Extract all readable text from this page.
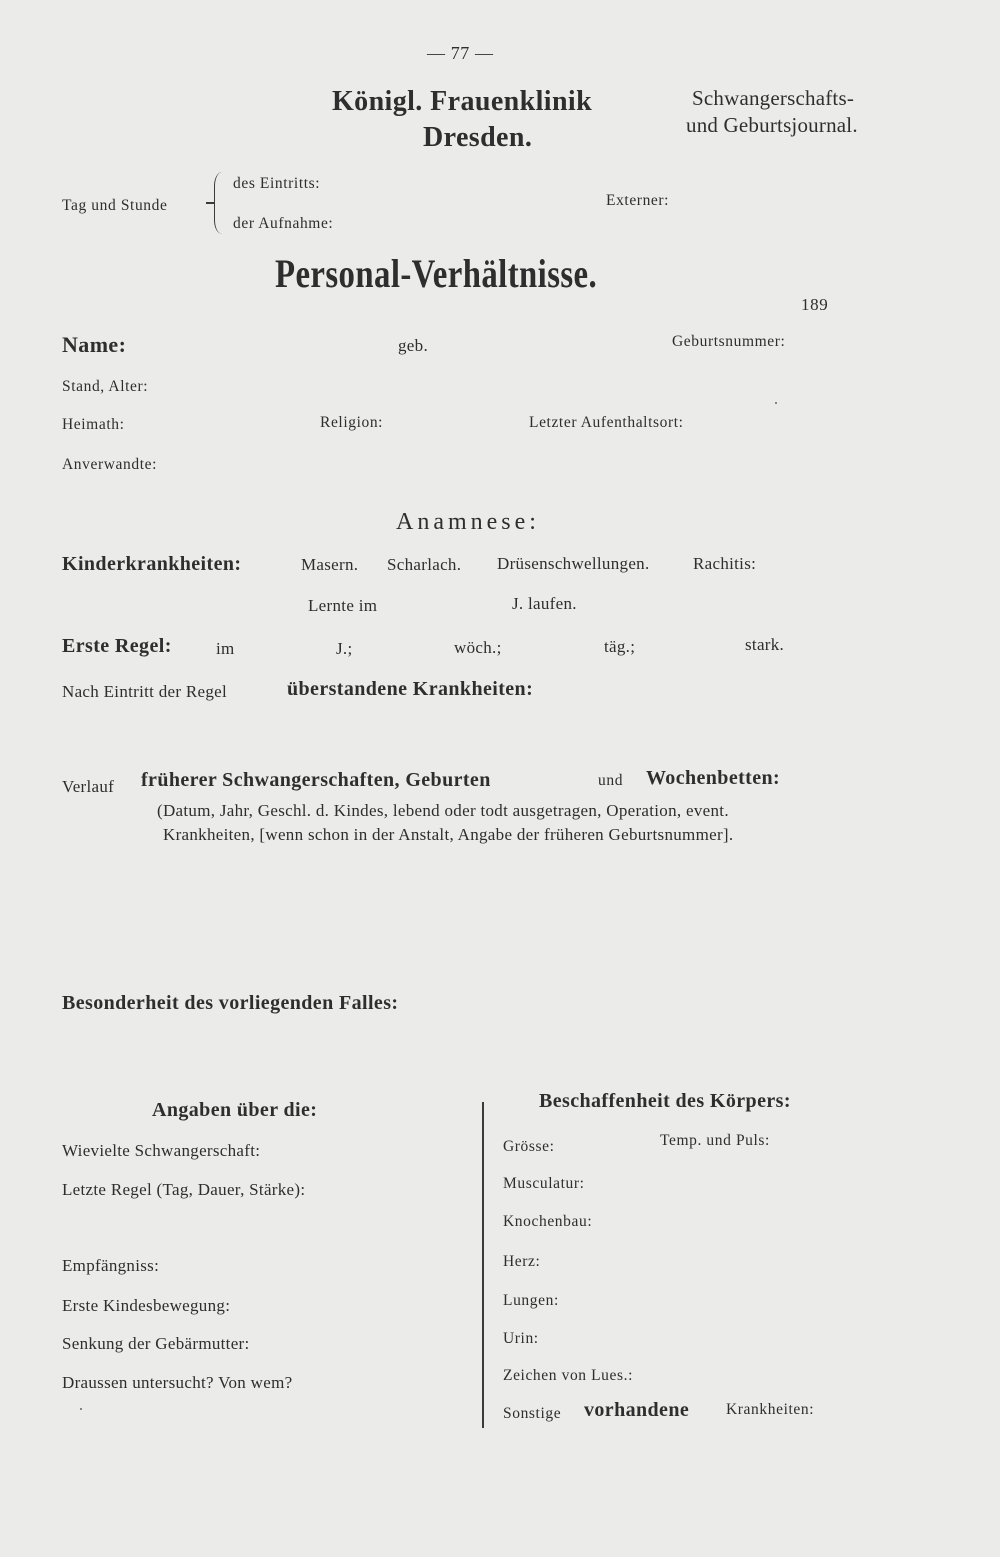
— 77 —
Königl. Frauenklinik
Dresden.
Schwangerschafts-
und Geburtsjournal.
Tag und Stunde
des Eintritts:
der Aufnahme:
Externer:
Personal-Verhältnisse.
189
Name:	geb.	Geburtsnummer:
Stand, Alter:
Heimath:	Religion:	Letzter Aufenthaltsort:
Anverwandte:
Anamnese:
Kinderkrankheiten:	Masern. Scharlach. Drüsenschwellungen.	Rachitis:
Lernte im	J. laufen.
Erste Regel:	im	J.;	wöch.;	täg.;	stark.
Nach Eintritt der Regel	überstandene Krankheiten:
Verlauf früherer Schwangerschaften, Geburten	und Wochenbetten:
(Datum, Jahr, Geschl. d. Kindes, lebend oder todt ausgetragen, Operation, event.
Krankheiten, [wenn schon in der Anstalt, Angabe der früheren Geburtsnummer].
Besonderheit des vorliegenden Falles:
Angaben über die:
Wievielte Schwangerschaft:
Letzte Regel (Tag, Dauer, Stärke):
Empfängniss:
Erste Kindesbewegung:
Senkung der Gebärmutter:
Draussen untersucht? Von wem?
Beschaffenheit des Körpers:
Grösse:	Temp. und Puls:
Musculatur:
Knochenbau:
Herz:
Lungen:
Urin:
Zeichen von Lues.:
Sonstige vorhandene Krankheiten:
